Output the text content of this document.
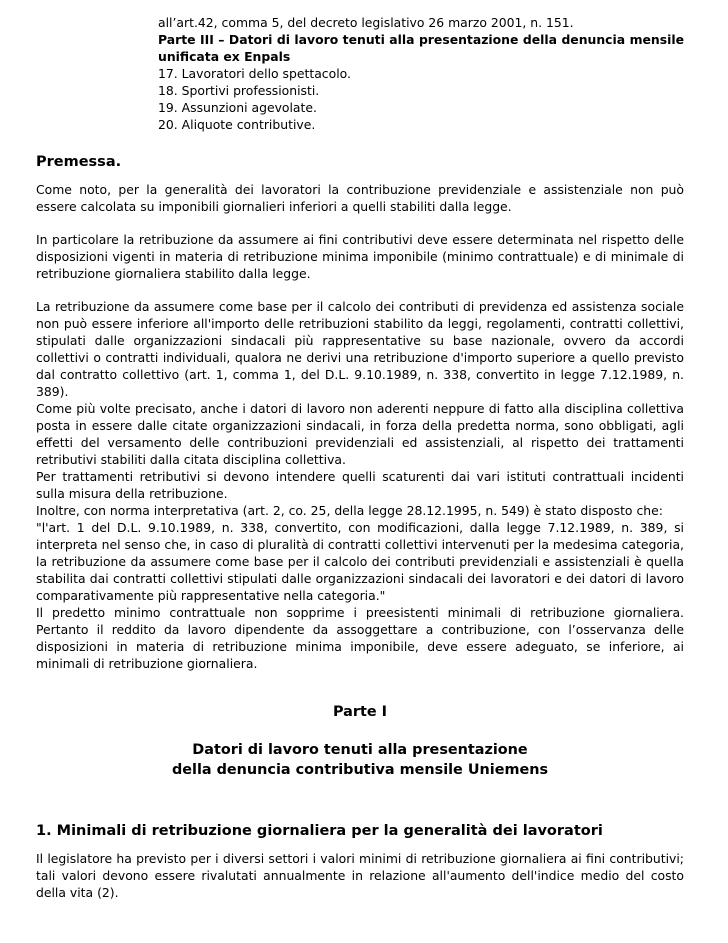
all’art.42, comma 5, del decreto legislativo 26 marzo 2001, n. 151.

Parte III – Datori di lavoro tenuti alla presentazione della denuncia mensile unificata ex Enpals

17. Lavoratori dello spettacolo.

18. Sportivi professionisti.

19. Assunzioni agevolate.

20. Aliquote contributive.

Premessa.

Come noto, per la generalità dei lavoratori la contribuzione previdenziale e assistenziale non può essere calcolata su imponibili giornalieri inferiori a quelli stabiliti dalla legge.

In particolare la retribuzione da assumere ai fini contributivi deve essere determinata nel rispetto delle disposizioni vigenti in materia di retribuzione minima imponibile (minimo contrattuale) e di minimale di retribuzione giornaliera stabilito dalla legge.

La retribuzione da assumere come base per il calcolo dei contributi di previdenza ed assistenza sociale non può essere inferiore all'importo delle retribuzioni stabilito da leggi, regolamenti, contratti collettivi, stipulati dalle organizzazioni sindacali più rappresentative su base nazionale, ovvero da accordi collettivi o contratti individuali, qualora ne derivi una retribuzione d'importo superiore a quello previsto dal contratto collettivo (art. 1, comma 1, del D.L. 9.10.1989, n. 338, convertito in legge 7.12.1989, n. 389).

Come più volte precisato, anche i datori di lavoro non aderenti neppure di fatto alla disciplina collettiva posta in essere dalle citate organizzazioni sindacali, in forza della predetta norma, sono obbligati, agli effetti del versamento delle contribuzioni previdenziali ed assistenziali, al rispetto dei trattamenti retributivi stabiliti dalla citata disciplina collettiva.

Per trattamenti retributivi si devono intendere quelli scaturenti dai vari istituti contrattuali incidenti sulla misura della retribuzione.

Inoltre, con norma interpretativa (art. 2, co. 25, della legge 28.12.1995, n. 549) è stato disposto che:

"l'art. 1 del D.L. 9.10.1989, n. 338, convertito, con modificazioni, dalla legge 7.12.1989, n. 389, si interpreta nel senso che, in caso di pluralità di contratti collettivi intervenuti per la medesima categoria, la retribuzione da assumere come base per il calcolo dei contributi previdenziali e assistenziali è quella stabilita dai contratti collettivi stipulati dalle organizzazioni sindacali dei lavoratori e dei datori di lavoro comparativamente più rappresentative nella categoria."

Il predetto minimo contrattuale non sopprime i preesistenti minimali di retribuzione giornaliera. Pertanto il reddito da lavoro dipendente da assoggettare a contribuzione, con l’osservanza delle disposizioni in materia di retribuzione minima imponibile, deve essere adeguato, se inferiore, ai minimali di retribuzione giornaliera.

Parte I

Datori di lavoro tenuti alla presentazione

della denuncia contributiva mensile Uniemens

1. Minimali di retribuzione giornaliera per la generalità dei lavoratori

Il legislatore ha previsto per i diversi settori i valori minimi di retribuzione giornaliera ai fini contributivi; tali valori devono essere rivalutati annualmente in relazione all'aumento dell'indice medio del costo della vita (2).
